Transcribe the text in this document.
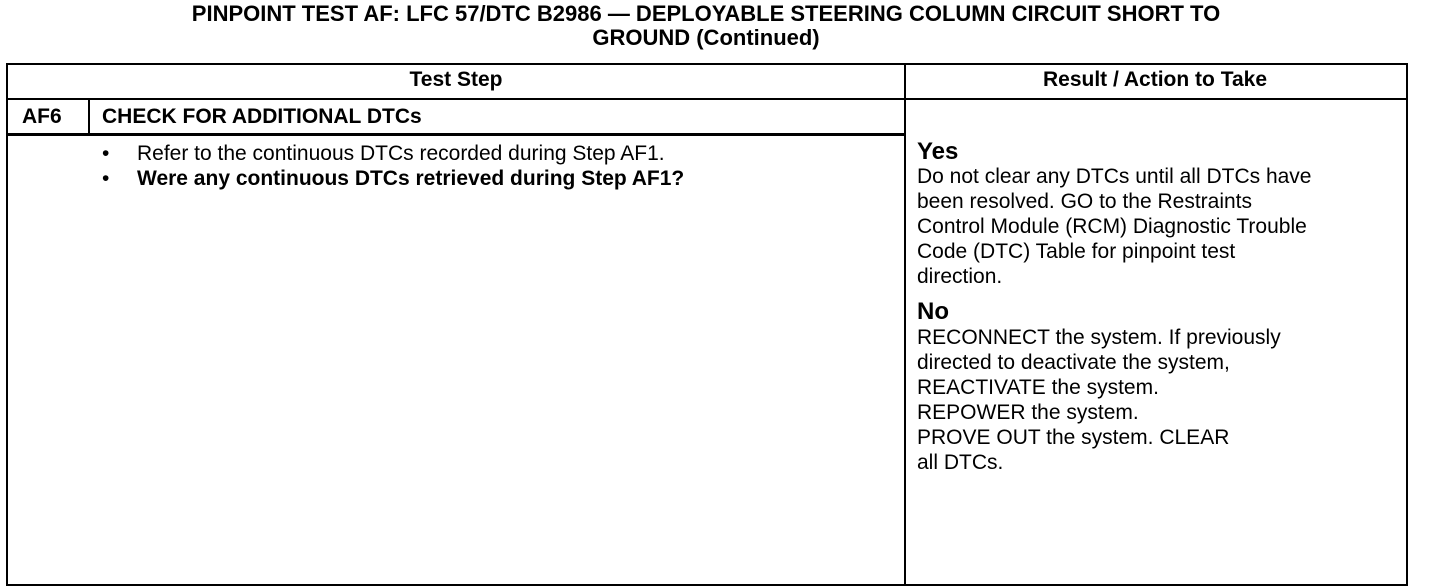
PINPOINT TEST AF: LFC 57/DTC B2986 — DEPLOYABLE STEERING COLUMN CIRCUIT SHORT TO
GROUND (Continued)
Test Step	Result / Action to Take
AF6 CHECK FOR ADDITIONAL DTCs
• Refer to the continuous DTCs recorded during Step AF1.
• Were any continuous DTCs retrieved during Step AF1?
Yes
Do not clear any DTCs until all DTCs have
been resolved. GO to the Restraints
Control Module (RCM) Diagnostic Trouble
Code (DTC) Table for pinpoint test
direction.
No
RECONNECT the system. If previously
directed to deactivate the system,
REACTIVATE the system.
REPOWER the system.
PROVE OUT the system. CLEAR
all DTCs.
